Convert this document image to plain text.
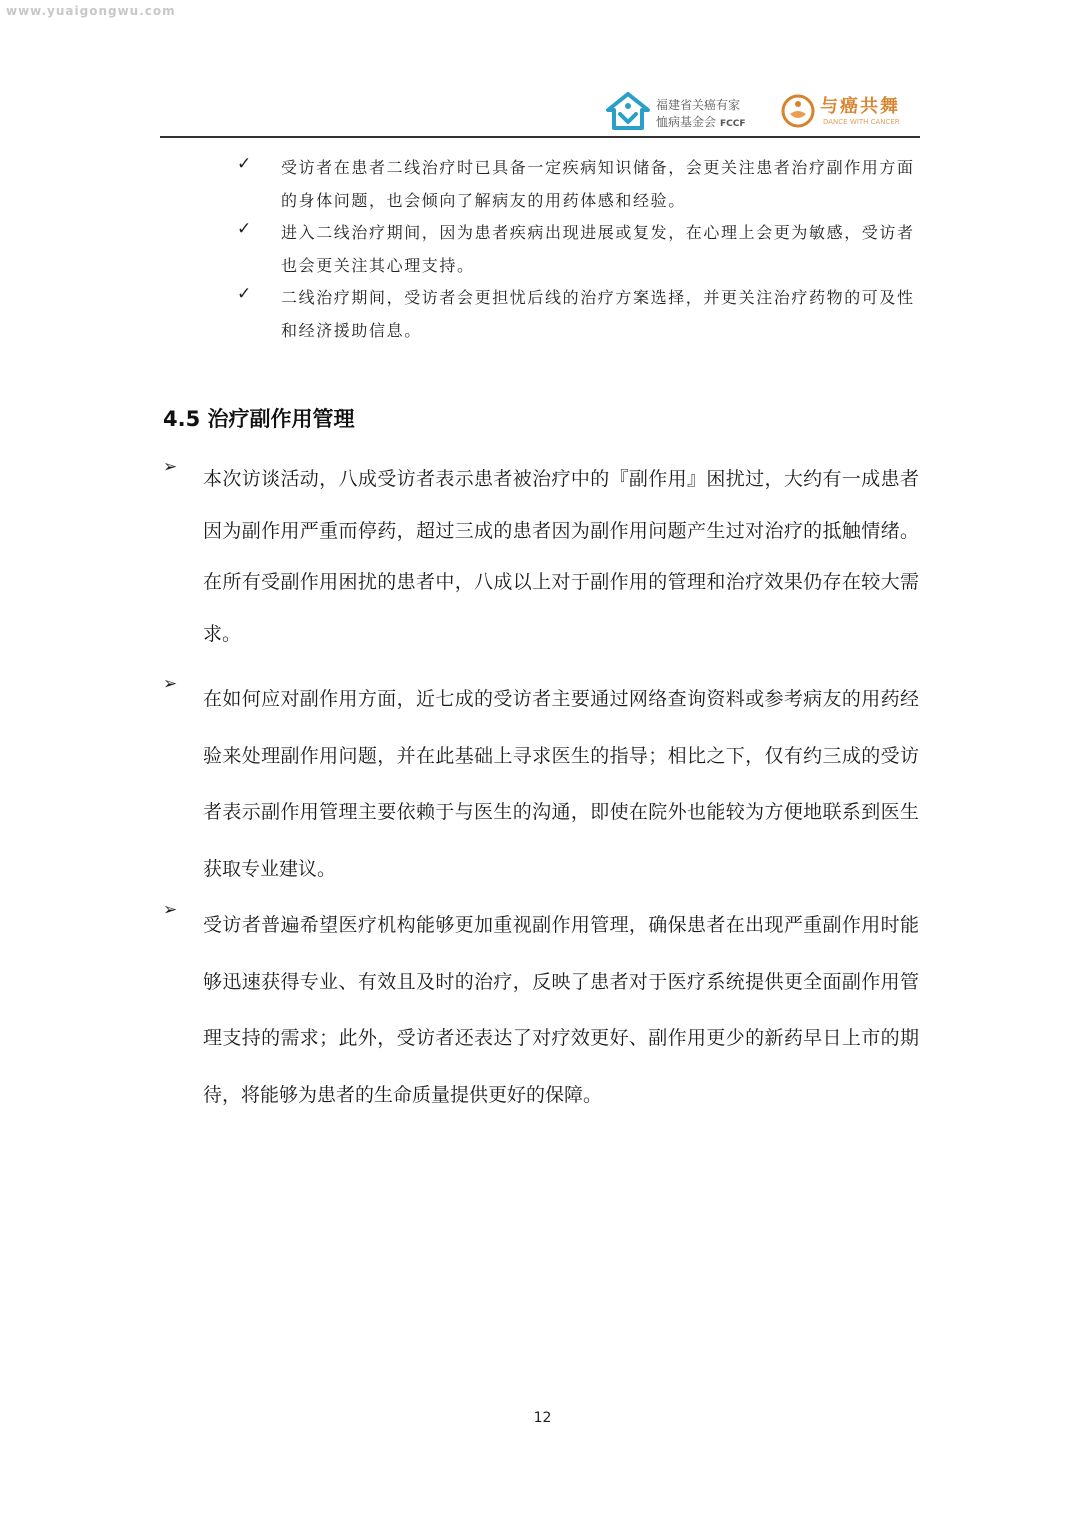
www.yuaigongwu.com
福建省关癌有家
恤病基金会 FCCF
与癌共舞
DANCE WITH CANCER
✓ 受访者在患者二线治疗时已具备一定疾病知识储备，会更关注患者治疗副作用方面的身体问题，也会倾向了解病友的用药体感和经验。
✓ 进入二线治疗期间，因为患者疾病出现进展或复发，在心理上会更为敏感，受访者也会更关注其心理支持。
✓ 二线治疗期间，受访者会更担忧后线的治疗方案选择，并更关注治疗药物的可及性和经济援助信息。
4.5 治疗副作用管理
➢
本次访谈活动，八成受访者表示患者被治疗中的『副作用』困扰过，大约有一成患者因为副作用严重而停药，超过三成的患者因为副作用问题产生过对治疗的抵触情绪。在所有受副作用困扰的患者中，八成以上对于副作用的管理和治疗效果仍存在较大需求。
➢
在如何应对副作用方面，近七成的受访者主要通过网络查询资料或参考病友的用药经验来处理副作用问题，并在此基础上寻求医生的指导；相比之下，仅有约三成的受访者表示副作用管理主要依赖于与医生的沟通，即使在院外也能较为方便地联系到医生获取专业建议。
➢
受访者普遍希望医疗机构能够更加重视副作用管理，确保患者在出现严重副作用时能够迅速获得专业、有效且及时的治疗，反映了患者对于医疗系统提供更全面副作用管理支持的需求；此外，受访者还表达了对疗效更好、副作用更少的新药早日上市的期待，将能够为患者的生命质量提供更好的保障。
12
